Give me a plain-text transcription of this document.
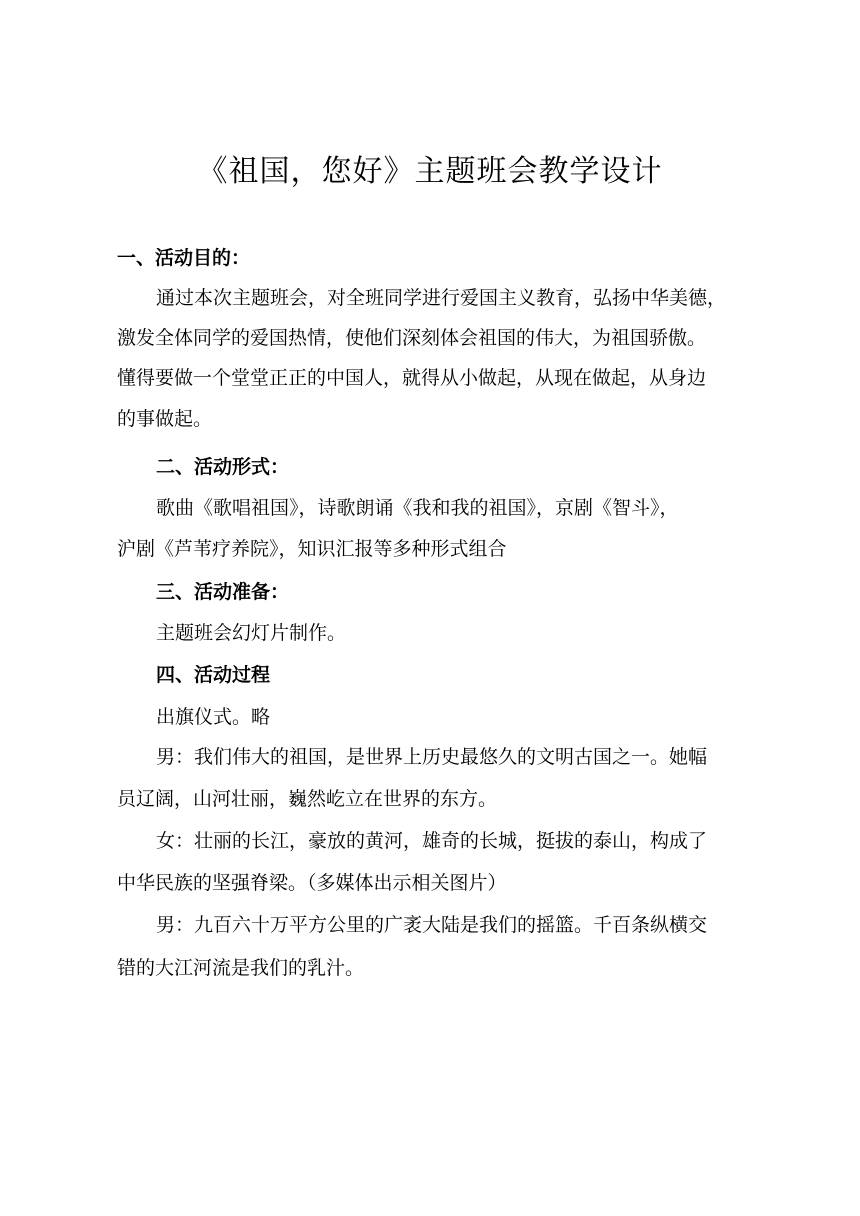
《祖国，您好》主题班会教学设计
一、活动目的：
通过本次主题班会，对全班同学进行爱国主义教育，弘扬中华美德，
激发全体同学的爱国热情，使他们深刻体会祖国的伟大，为祖国骄傲。
懂得要做一个堂堂正正的中国人，就得从小做起，从现在做起，从身边
的事做起。
二、活动形式：
歌曲《歌唱祖国》，诗歌朗诵《我和我的祖国》，京剧《智斗》，
沪剧《芦苇疗养院》，知识汇报等多种形式组合
三、活动准备：
主题班会幻灯片制作。
四、活动过程
出旗仪式。略
男：我们伟大的祖国，是世界上历史最悠久的文明古国之一。她幅
员辽阔，山河壮丽，巍然屹立在世界的东方。
女：壮丽的长江，豪放的黄河，雄奇的长城，挺拔的泰山，构成了
中华民族的坚强脊梁。（多媒体出示相关图片）
男：九百六十万平方公里的广袤大陆是我们的摇篮。千百条纵横交
错的大江河流是我们的乳汁。
